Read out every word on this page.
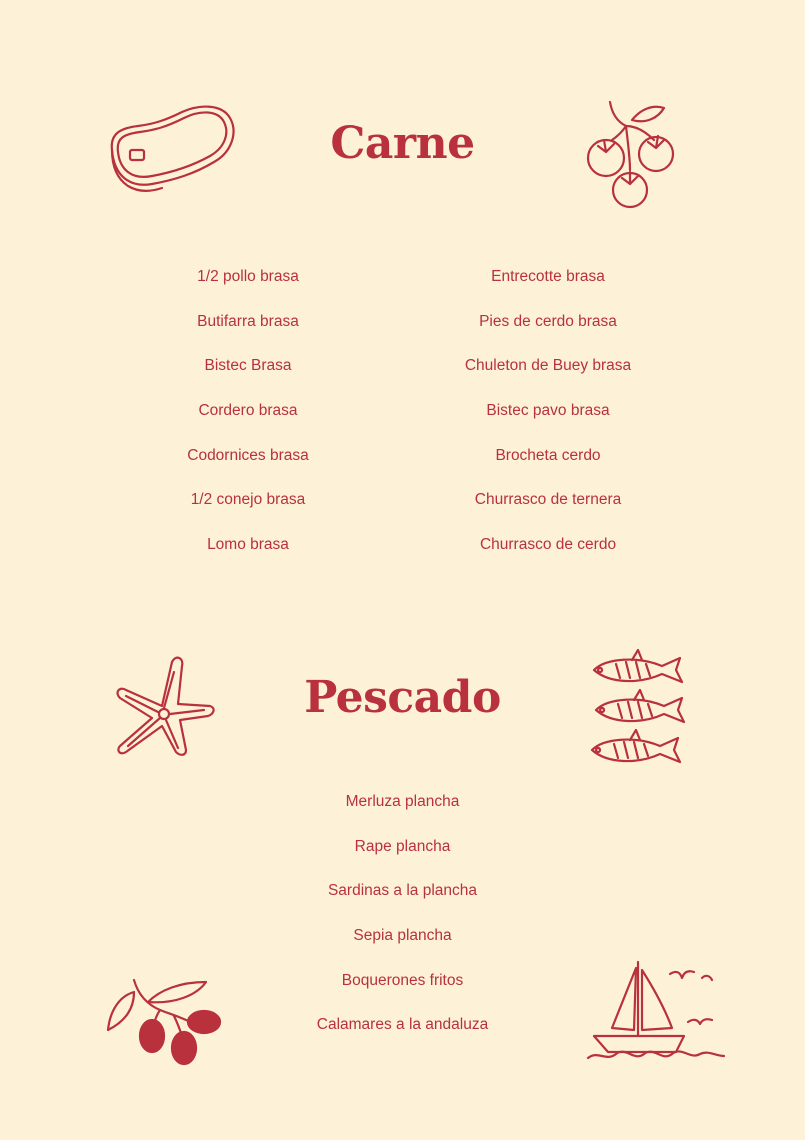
Carne
1/2 pollo brasa
Butifarra brasa
Bistec Brasa
Cordero brasa
Codornices brasa
1/2 conejo brasa
Lomo brasa
Entrecotte brasa
Pies de cerdo brasa
Chuleton de Buey brasa
Bistec pavo brasa
Brocheta cerdo
Churrasco de ternera
Churrasco de cerdo
Pescado
Merluza plancha
Rape plancha
Sardinas a la plancha
Sepia plancha
Boquerones fritos
Calamares a la andaluza
